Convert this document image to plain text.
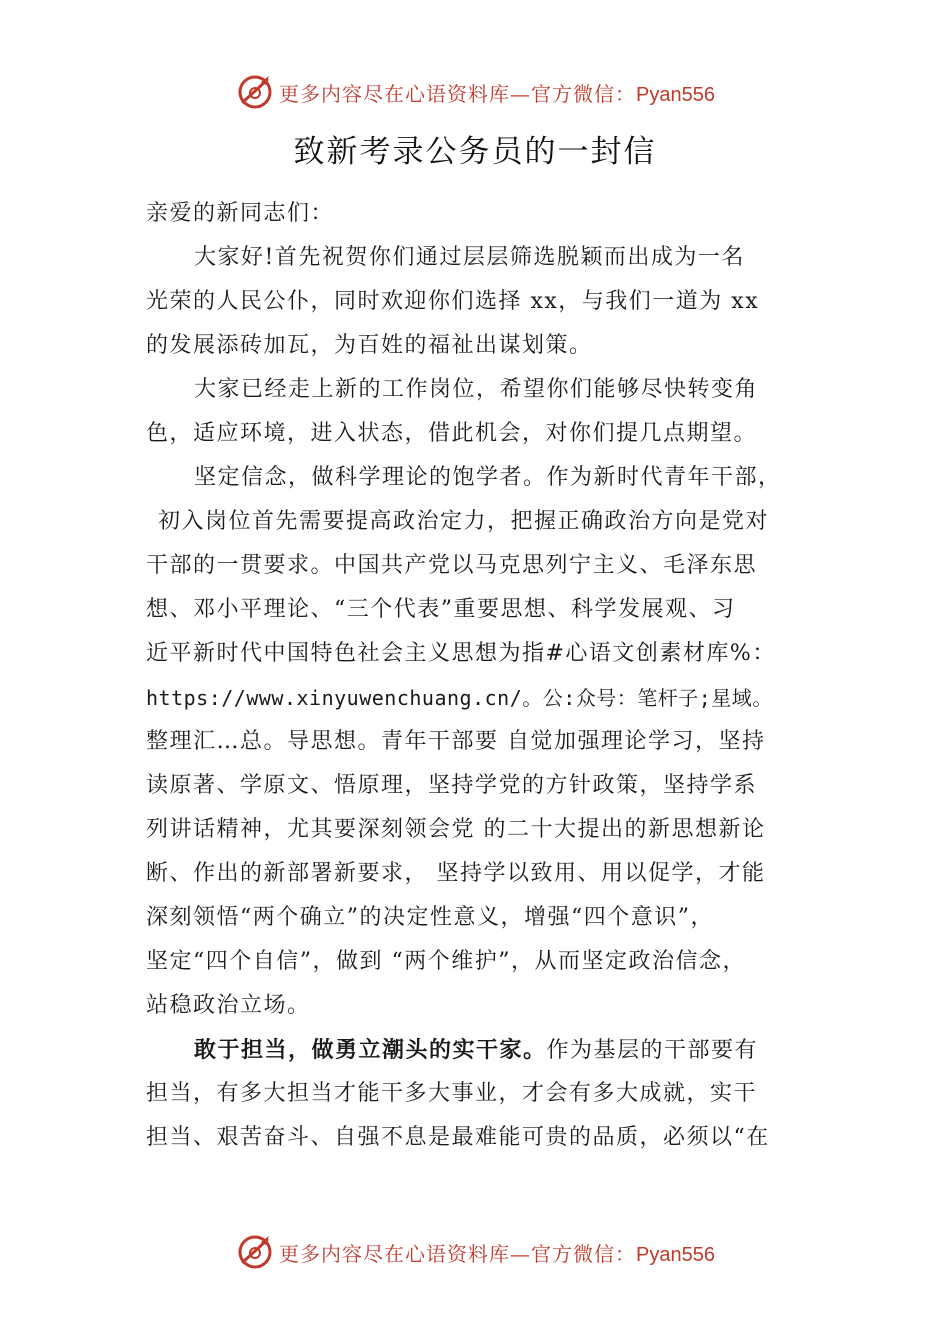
更多内容尽在心语资料库—官方微信：Pyan556
致新考录公务员的一封信
亲爱的新同志们：
大家好!首先祝贺你们通过层层筛选脱颖而出成为一名
光荣的人民公仆，同时欢迎你们选择 xx，与我们一道为 xx
的发展添砖加瓦，为百姓的福祉出谋划策。
大家已经走上新的工作岗位，希望你们能够尽快转变角
色，适应环境，进入状态，借此机会，对你们提几点期望。
坚定信念，做科学理论的饱学者。作为新时代青年干部，
初入岗位首先需要提高政治定力，把握正确政治方向是党对
干部的一贯要求。中国共产党以马克思列宁主义、毛泽东思
想、邓小平理论、“三个代表”重要思想、科学发展观、习
近平新时代中国特色社会主义思想为指#心语文创素材库%：
https://www.xinyuwenchuang.cn/。公:众号：笔杆子;星域。
整理汇…总。导思想。青年干部要 自觉加强理论学习，坚持
读原著、学原文、悟原理，坚持学党的方针政策，坚持学系
列讲话精神，尤其要深刻领会党 的二十大提出的新思想新论
断、作出的新部署新要求， 坚持学以致用、用以促学，才能
深刻领悟“两个确立”的决定性意义，增强“四个意识”，
坚定“四个自信”，做到 “两个维护”，从而坚定政治信念，
站稳政治立场。
敢于担当，做勇立潮头的实干家。作为基层的干部要有
担当，有多大担当才能干多大事业，才会有多大成就，实干
担当、艰苦奋斗、自强不息是最难能可贵的品质，必须以“在
更多内容尽在心语资料库—官方微信：Pyan556
